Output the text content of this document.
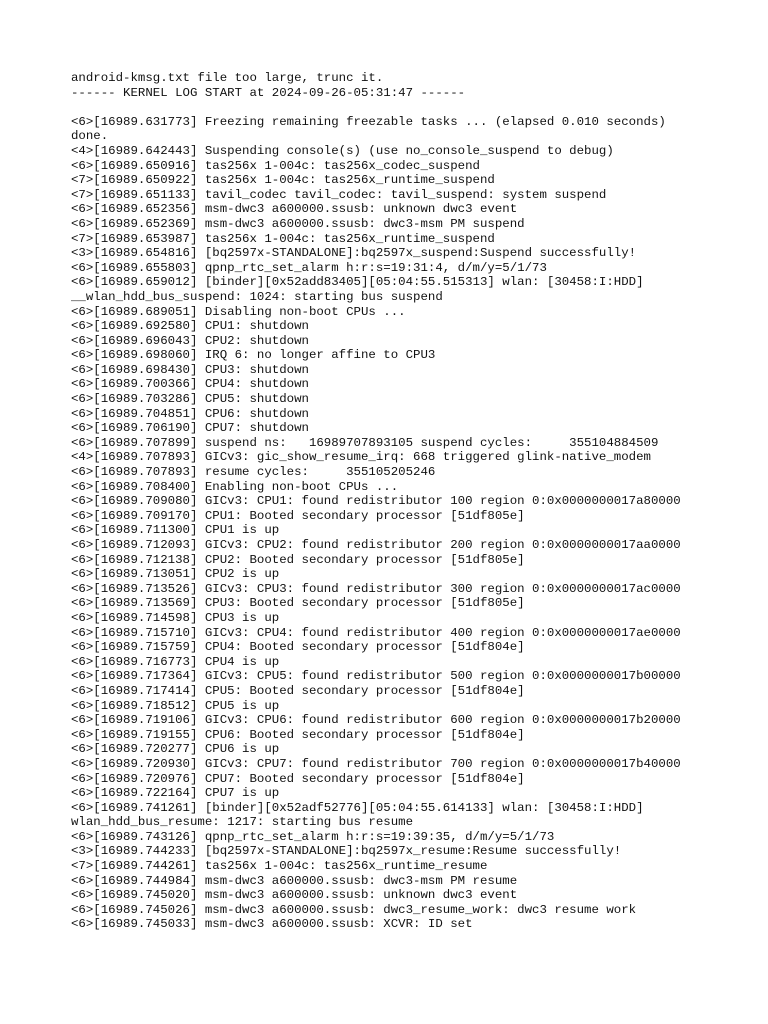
android-kmsg.txt file too large, trunc it.
------ KERNEL LOG START at 2024-09-26-05:31:47 ------
<6>[16989.631773] Freezing remaining freezable tasks ... (elapsed 0.010 seconds)
done.
<4>[16989.642443] Suspending console(s) (use no_console_suspend to debug)
<6>[16989.650916] tas256x 1-004c: tas256x_codec_suspend
<7>[16989.650922] tas256x 1-004c: tas256x_runtime_suspend
<7>[16989.651133] tavil_codec tavil_codec: tavil_suspend: system suspend
<6>[16989.652356] msm-dwc3 a600000.ssusb: unknown dwc3 event
<6>[16989.652369] msm-dwc3 a600000.ssusb: dwc3-msm PM suspend
<7>[16989.653987] tas256x 1-004c: tas256x_runtime_suspend
<3>[16989.654816] [bq2597x-STANDALONE]:bq2597x_suspend:Suspend successfully!
<6>[16989.655803] qpnp_rtc_set_alarm h:r:s=19:31:4, d/m/y=5/1/73
<6>[16989.659012] [binder][0x52add83405][05:04:55.515313] wlan: [30458:I:HDD]
__wlan_hdd_bus_suspend: 1024: starting bus suspend
<6>[16989.689051] Disabling non-boot CPUs ...
<6>[16989.692580] CPU1: shutdown
<6>[16989.696043] CPU2: shutdown
<6>[16989.698060] IRQ 6: no longer affine to CPU3
<6>[16989.698430] CPU3: shutdown
<6>[16989.700366] CPU4: shutdown
<6>[16989.703286] CPU5: shutdown
<6>[16989.704851] CPU6: shutdown
<6>[16989.706190] CPU7: shutdown
<6>[16989.707899] suspend ns:   16989707893105 suspend cycles:     355104884509
<4>[16989.707893] GICv3: gic_show_resume_irq: 668 triggered glink-native_modem
<6>[16989.707893] resume cycles:     355105205246
<6>[16989.708400] Enabling non-boot CPUs ...
<6>[16989.709080] GICv3: CPU1: found redistributor 100 region 0:0x0000000017a80000
<6>[16989.709170] CPU1: Booted secondary processor [51df805e]
<6>[16989.711300] CPU1 is up
<6>[16989.712093] GICv3: CPU2: found redistributor 200 region 0:0x0000000017aa0000
<6>[16989.712138] CPU2: Booted secondary processor [51df805e]
<6>[16989.713051] CPU2 is up
<6>[16989.713526] GICv3: CPU3: found redistributor 300 region 0:0x0000000017ac0000
<6>[16989.713569] CPU3: Booted secondary processor [51df805e]
<6>[16989.714598] CPU3 is up
<6>[16989.715710] GICv3: CPU4: found redistributor 400 region 0:0x0000000017ae0000
<6>[16989.715759] CPU4: Booted secondary processor [51df804e]
<6>[16989.716773] CPU4 is up
<6>[16989.717364] GICv3: CPU5: found redistributor 500 region 0:0x0000000017b00000
<6>[16989.717414] CPU5: Booted secondary processor [51df804e]
<6>[16989.718512] CPU5 is up
<6>[16989.719106] GICv3: CPU6: found redistributor 600 region 0:0x0000000017b20000
<6>[16989.719155] CPU6: Booted secondary processor [51df804e]
<6>[16989.720277] CPU6 is up
<6>[16989.720930] GICv3: CPU7: found redistributor 700 region 0:0x0000000017b40000
<6>[16989.720976] CPU7: Booted secondary processor [51df804e]
<6>[16989.722164] CPU7 is up
<6>[16989.741261] [binder][0x52adf52776][05:04:55.614133] wlan: [30458:I:HDD]
wlan_hdd_bus_resume: 1217: starting bus resume
<6>[16989.743126] qpnp_rtc_set_alarm h:r:s=19:39:35, d/m/y=5/1/73
<3>[16989.744233] [bq2597x-STANDALONE]:bq2597x_resume:Resume successfully!
<7>[16989.744261] tas256x 1-004c: tas256x_runtime_resume
<6>[16989.744984] msm-dwc3 a600000.ssusb: dwc3-msm PM resume
<6>[16989.745020] msm-dwc3 a600000.ssusb: unknown dwc3 event
<6>[16989.745026] msm-dwc3 a600000.ssusb: dwc3_resume_work: dwc3 resume work
<6>[16989.745033] msm-dwc3 a600000.ssusb: XCVR: ID set
